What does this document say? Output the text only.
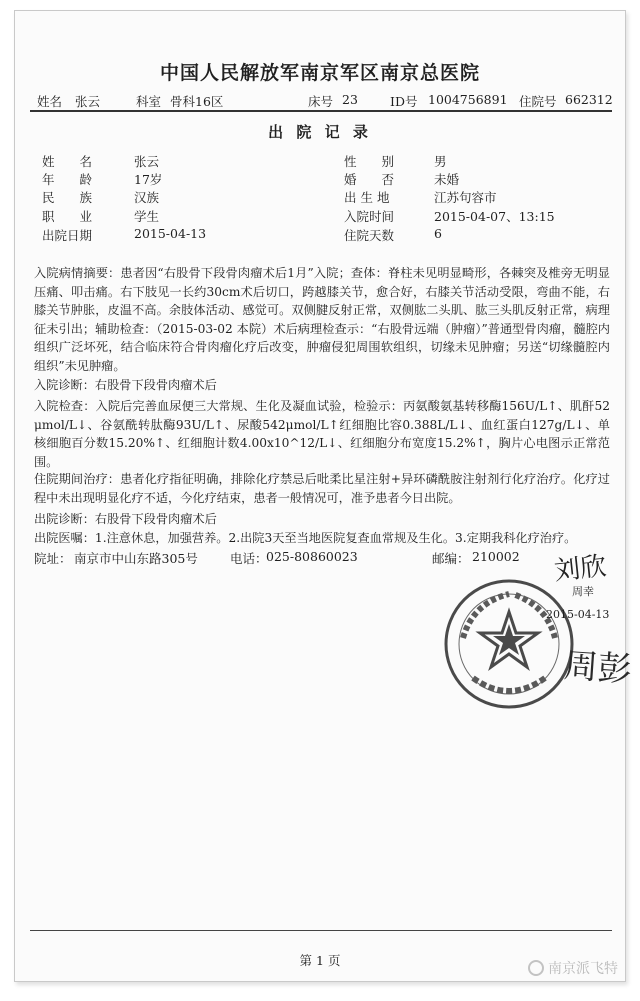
中国人民解放军南京军区南京总医院
姓名 张云	科室 骨科16区	床号 23	ID号 1004756891 住院号 662312
出 院 记 录
姓　　名	张云
年　　龄	17岁
民　　族	汉族
职　　业	学生
出院日期	2015-04-13
性　　别	男
婚　　否	未婚
出 生 地	江苏句容市
入院时间	2015-04-07、13:15
住院天数	6
入院病情摘要：患者因“右股骨下段骨肉瘤术后1月”入院；查体：脊柱未见明显畸形，各棘突及椎旁无明显压痛、叩击痛。右下肢见一长约30cm术后切口，跨越膝关节，愈合好，右膝关节活动受限，弯曲不能，右膝关节肿胀，皮温不高。余肢体活动、感觉可。双侧腱反射正常，双侧肱二头肌、肱三头肌反射正常，病理征未引出；辅助检查：（2015-03-02 本院）术后病理检查示：“右股骨远端（肿瘤）”普通型骨肉瘤，髓腔内组织广泛坏死，结合临床符合骨肉瘤化疗后改变，肿瘤侵犯周围软组织，切缘未见肿瘤；另送“切缘髓腔内组织”未见肿瘤。
入院诊断：右股骨下段骨肉瘤术后
入院检查：入院后完善血尿便三大常规、生化及凝血试验，检验示：丙氨酸氨基转移酶156U/L↑、肌酐52μmol/L↓、谷氨酰转肽酶93U/L↑、尿酸542μmol/L↑红细胞比容0.388L/L↓、血红蛋白127g/L↓、单核细胞百分数15.20%↑、红细胞计数4.00x10^12/L↓、红细胞分布宽度15.2%↑，胸片心电图示正常范围。
住院期间治疗：患者化疗指征明确，排除化疗禁忌后吡柔比星注射+异环磷酰胺注射剂行化疗治疗。化疗过程中未出现明显化疗不适，今化疗结束，患者一般情况可，准予患者今日出院。
出院诊断：右股骨下段骨肉瘤术后
出院医嘱：1.注意休息，加强营养。2.出院3天至当地医院复查血常规及生化。3.定期我科化疗治疗。
院址： 南京市中山东路305号	电话：
025-80860023	邮编： 210002 刘欣
周幸
2015-04-13
周彭
第 1 页
南京派飞特
